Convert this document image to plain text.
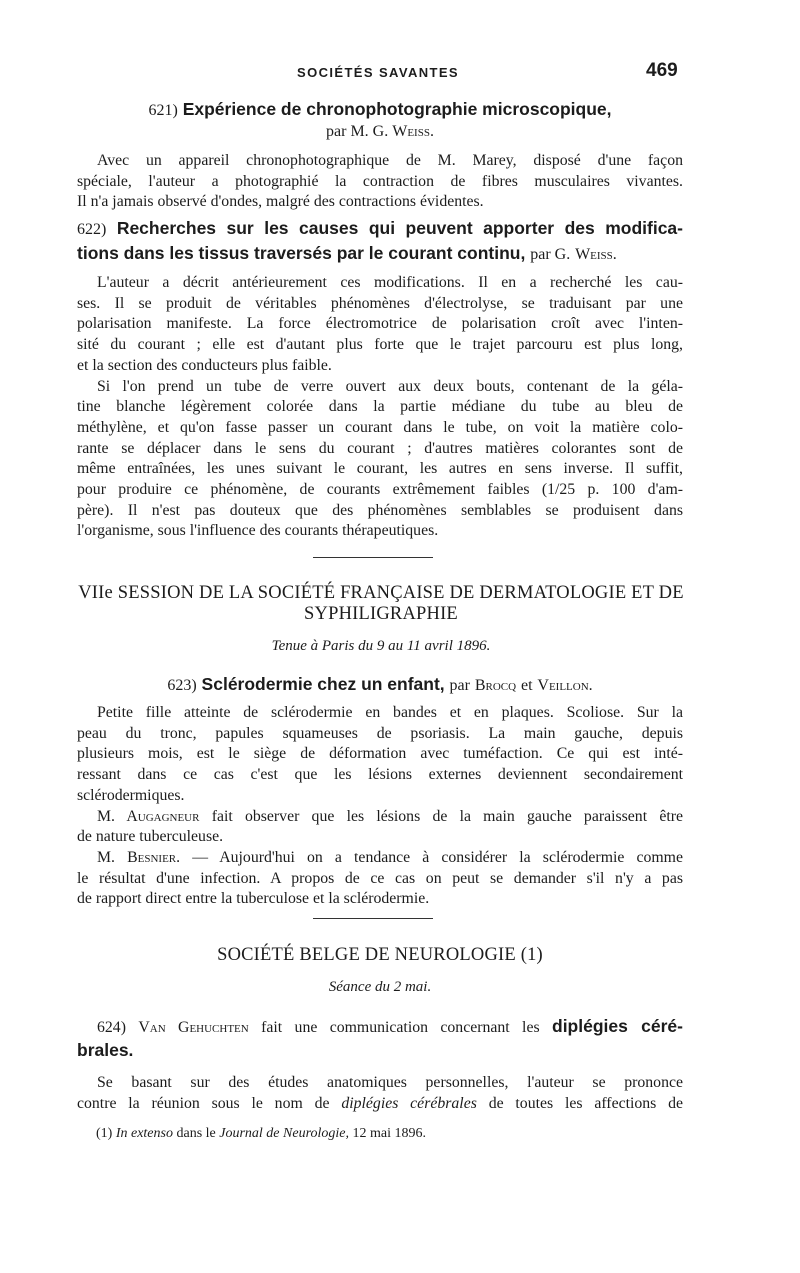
SOCIÉTÉS SAVANTES	469
621) Expérience de chronophotographie microscopique,
par M. G. Weiss.

Avec un appareil chronophotographique de M. Marey, disposé d'une façon

spéciale, l'auteur a photographié la contraction de fibres musculaires vivantes.

Il n'a jamais observé d'ondes, malgré des contractions évidentes.

622) Recherches sur les causes qui peuvent apporter des modifica-
tions dans les tissus traversés par le courant continu, par G. Weiss.

L'auteur a décrit antérieurement ces modifications. Il en a recherché les cau-

ses. Il se produit de véritables phénomènes d'électrolyse, se traduisant par une

polarisation manifeste. La force électromotrice de polarisation croît avec l'inten-

sité du courant ; elle est d'autant plus forte que le trajet parcouru est plus long,

et la section des conducteurs plus faible.

Si l'on prend un tube de verre ouvert aux deux bouts, contenant de la géla-

tine blanche légèrement colorée dans la partie médiane du tube au bleu de

méthylène, et qu'on fasse passer un courant dans le tube, on voit la matière colo-

rante se déplacer dans le sens du courant ; d'autres matières colorantes sont de

même entraînées, les unes suivant le courant, les autres en sens inverse. Il suffit,

pour produire ce phénomène, de courants extrêmement faibles (1/25 p. 100 d'am-

père). Il n'est pas douteux que des phénomènes semblables se produisent dans

l'organisme, sous l'influence des courants thérapeutiques.

VIIe SESSION DE LA SOCIÉTÉ FRANÇAISE DE DERMATOLOGIE ET DE
SYPHILIGRAPHIE
Tenue à Paris du 9 au 11 avril 1896.
623) Sclérodermie chez un enfant, par Brocq et Veillon.

Petite fille atteinte de sclérodermie en bandes et en plaques. Scoliose. Sur la

peau du tronc, papules squameuses de psoriasis. La main gauche, depuis

plusieurs mois, est le siège de déformation avec tuméfaction. Ce qui est inté-

ressant dans ce cas c'est que les lésions externes deviennent secondairement

sclérodermiques.

M. Augagneur fait observer que les lésions de la main gauche paraissent être

de nature tuberculeuse.

M. Besnier. — Aujourd'hui on a tendance à considérer la sclérodermie comme

le résultat d'une infection. A propos de ce cas on peut se demander s'il n'y a pas

de rapport direct entre la tuberculose et la sclérodermie.

SOCIÉTÉ BELGE DE NEUROLOGIE (1)
Séance du 2 mai.

624) Van Gehuchten fait une communication concernant les diplégies céré-

brales.

Se basant sur des études anatomiques personnelles, l'auteur se prononce

contre la réunion sous le nom de diplégies cérébrales de toutes les affections de

(1) In extenso dans le Journal de Neurologie, 12 mai 1896.
